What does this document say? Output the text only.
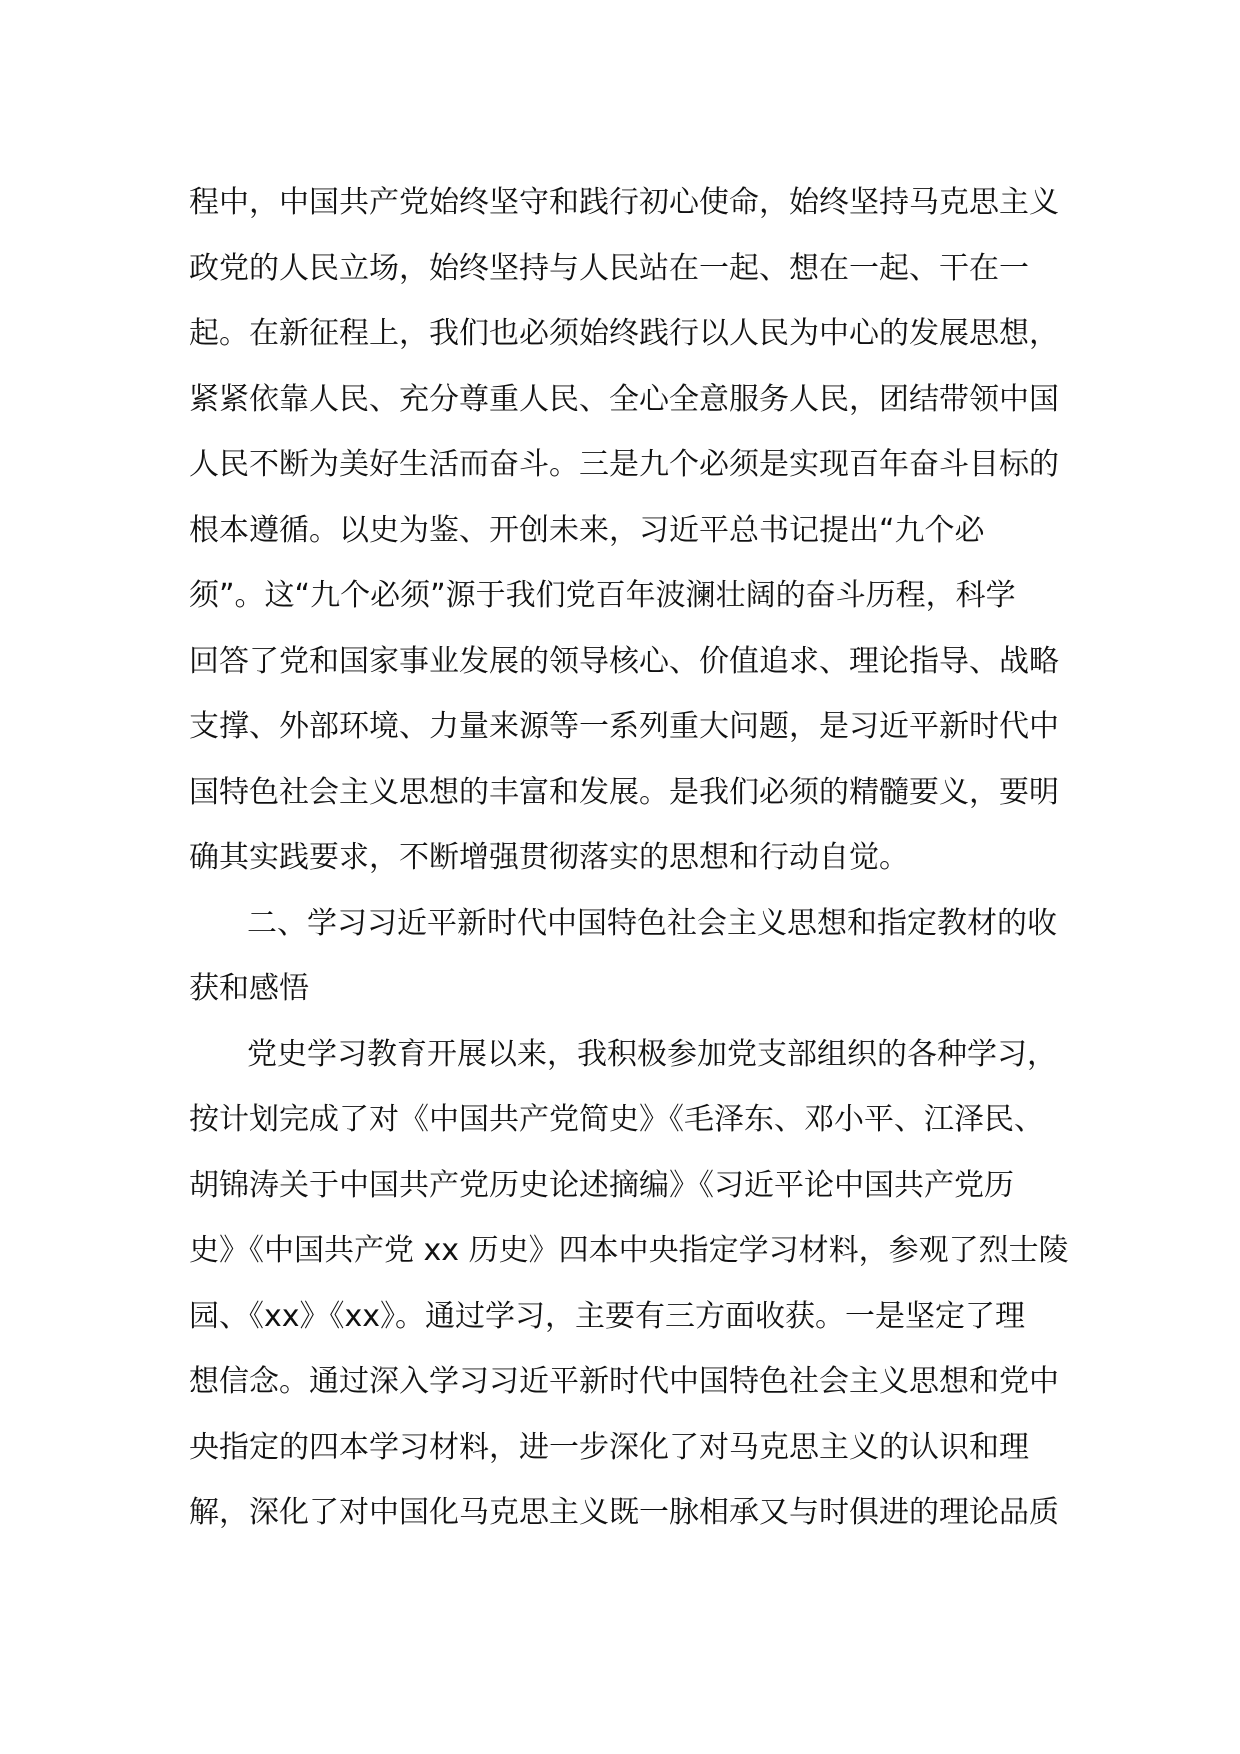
程中，中国共产党始终坚守和践行初心使命，始终坚持马克思主义
政党的人民立场，始终坚持与人民站在一起、想在一起、干在一
起。在新征程上，我们也必须始终践行以人民为中心的发展思想，
紧紧依靠人民、充分尊重人民、全心全意服务人民，团结带领中国
人民不断为美好生活而奋斗。三是九个必须是实现百年奋斗目标的
根本遵循。以史为鉴、开创未来，习近平总书记提出“九个必
须”。这“九个必须”源于我们党百年波澜壮阔的奋斗历程，科学
回答了党和国家事业发展的领导核心、价值追求、理论指导、战略
支撑、外部环境、力量来源等一系列重大问题，是习近平新时代中
国特色社会主义思想的丰富和发展。是我们必须的精髓要义，要明
确其实践要求，不断增强贯彻落实的思想和行动自觉。
二、学习习近平新时代中国特色社会主义思想和指定教材的收
获和感悟
党史学习教育开展以来，我积极参加党支部组织的各种学习，
按计划完成了对《中国共产党简史》《毛泽东、邓小平、江泽民、
胡锦涛关于中国共产党历史论述摘编》《习近平论中国共产党历
史》《中国共产党 xx 历史》四本中央指定学习材料，参观了烈士陵
园、《xx》《xx》。通过学习，主要有三方面收获。一是坚定了理
想信念。通过深入学习习近平新时代中国特色社会主义思想和党中
央指定的四本学习材料，进一步深化了对马克思主义的认识和理
解，深化了对中国化马克思主义既一脉相承又与时俱进的理论品质
